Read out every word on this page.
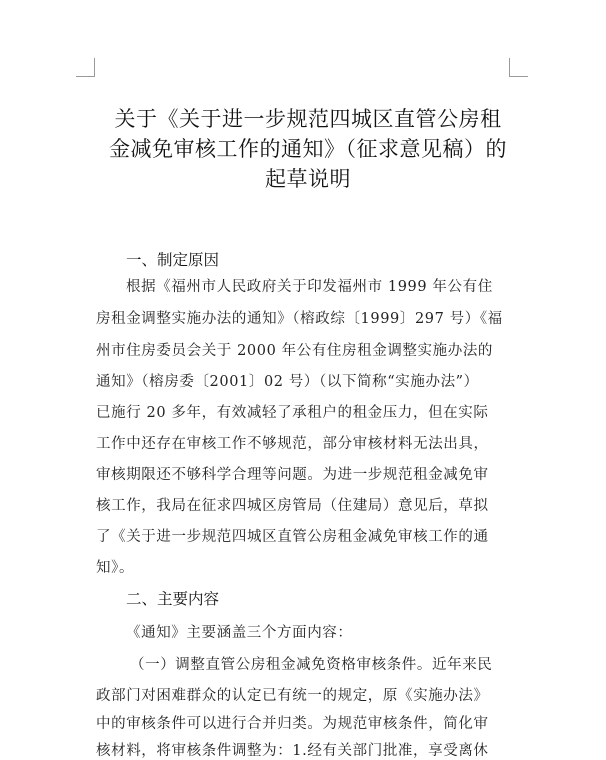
关于《关于进一步规范四城区直管公房租
金减免审核工作的通知》（征求意见稿）的
起草说明
一、制定原因
根据《福州市人民政府关于印发福州市 1999 年公有住
房租金调整实施办法的通知》（榕政综〔1999〕297 号）《福
州市住房委员会关于 2000 年公有住房租金调整实施办法的
通知》（榕房委〔2001〕02 号）（以下简称“实施办法”）
已施行 20 多年，有效减轻了承租户的租金压力，但在实际
工作中还存在审核工作不够规范，部分审核材料无法出具，
审核期限还不够科学合理等问题。为进一步规范租金减免审
核工作，我局在征求四城区房管局（住建局）意见后，草拟
了《关于进一步规范四城区直管公房租金减免审核工作的通
知》。
二、主要内容
《通知》主要涵盖三个方面内容：
（一）调整直管公房租金减免资格审核条件。近年来民
政部门对困难群众的认定已有统一的规定，原《实施办法》
中的审核条件可以进行合并归类。为规范审核条件，简化审
核材料，将审核条件调整为：1.经有关部门批准，享受离休
